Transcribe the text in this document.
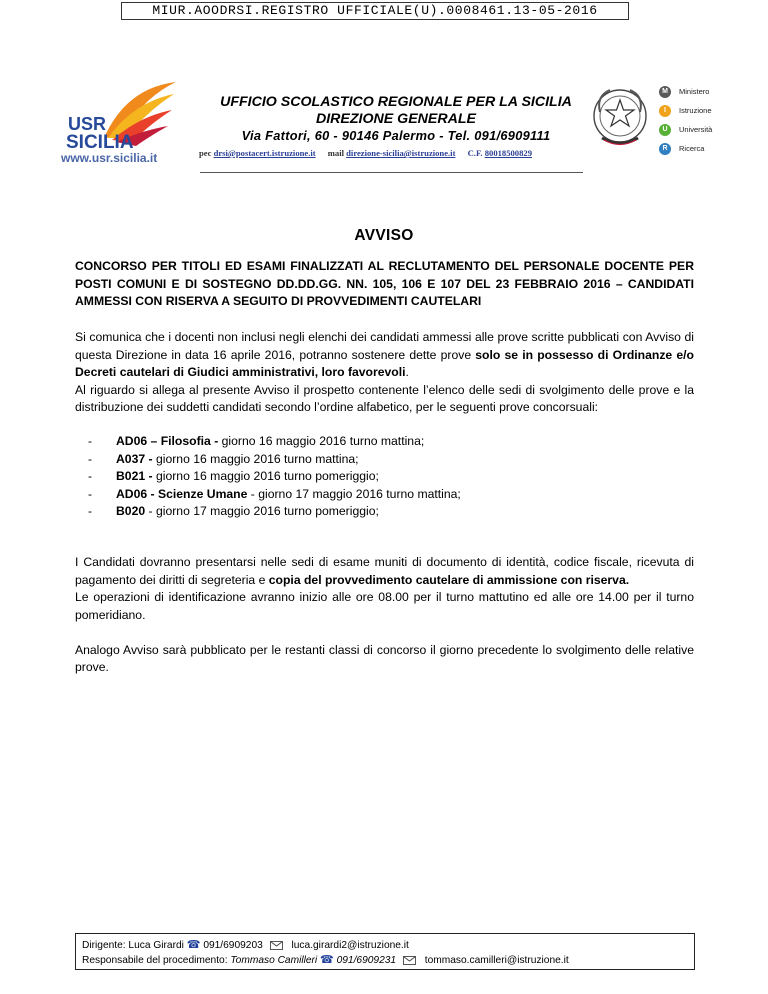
MIUR.AOODRSI.REGISTRO UFFICIALE(U).0008461.13-05-2016
USR
SICILIA
www.usr.sicilia.it
UFFICIO SCOLASTICO REGIONALE PER LA SICILIA
DIREZIONE GENERALE
Via Fattori, 60 - 90146 Palermo - Tel. 091/6909111
pec drsi@postacert.istruzione.it mail direzione-sicilia@istruzione.it C.F. 80018500829
M	Ministero
I	Istruzione
U	Università
R	Ricerca
AVVISO
CONCORSO PER TITOLI ED ESAMI FINALIZZATI AL RECLUTAMENTO DEL PERSONALE DOCENTE PER POSTI COMUNI E DI SOSTEGNO DD.DD.GG. NN. 105, 106 E 107 DEL 23 FEBBRAIO 2016 – CANDIDATI AMMESSI CON RISERVA A SEGUITO DI PROVVEDIMENTI CAUTELARI
Si comunica che i docenti non inclusi negli elenchi dei candidati ammessi alle prove scritte pubblicati con Avviso di questa Direzione in data 16 aprile 2016, potranno sostenere dette prove solo se in possesso di Ordinanze e/o Decreti cautelari di Giudici amministrativi, loro favorevoli.
Al riguardo si allega al presente Avviso il prospetto contenente l’elenco delle sedi di svolgimento delle prove e la distribuzione dei suddetti candidati secondo l’ordine alfabetico, per le seguenti prove concorsuali:
- AD06 – Filosofia - giorno 16 maggio 2016 turno mattina;
- A037 - giorno 16 maggio 2016 turno mattina;
- B021 - giorno 16 maggio 2016 turno pomeriggio;
- AD06 - Scienze Umane - giorno 17 maggio 2016 turno mattina;
- B020 - giorno 17 maggio 2016 turno pomeriggio;
I Candidati dovranno presentarsi nelle sedi di esame muniti di documento di identità, codice fiscale, ricevuta di pagamento dei diritti di segreteria e copia del provvedimento cautelare di ammissione con riserva.
Le operazioni di identificazione avranno inizio alle ore 08.00 per il turno mattutino ed alle ore 14.00 per il turno pomeridiano.

Analogo Avviso sarà pubblicato per le restanti classi di concorso il giorno precedente lo svolgimento delle relative prove.
Dirigente: Luca Girardi ☎ 091/6909203	luca.girardi2@istruzione.it
Responsabile del procedimento: Tommaso Camilleri ☎ 091/6909231	tommaso.camilleri@istruzione.it
